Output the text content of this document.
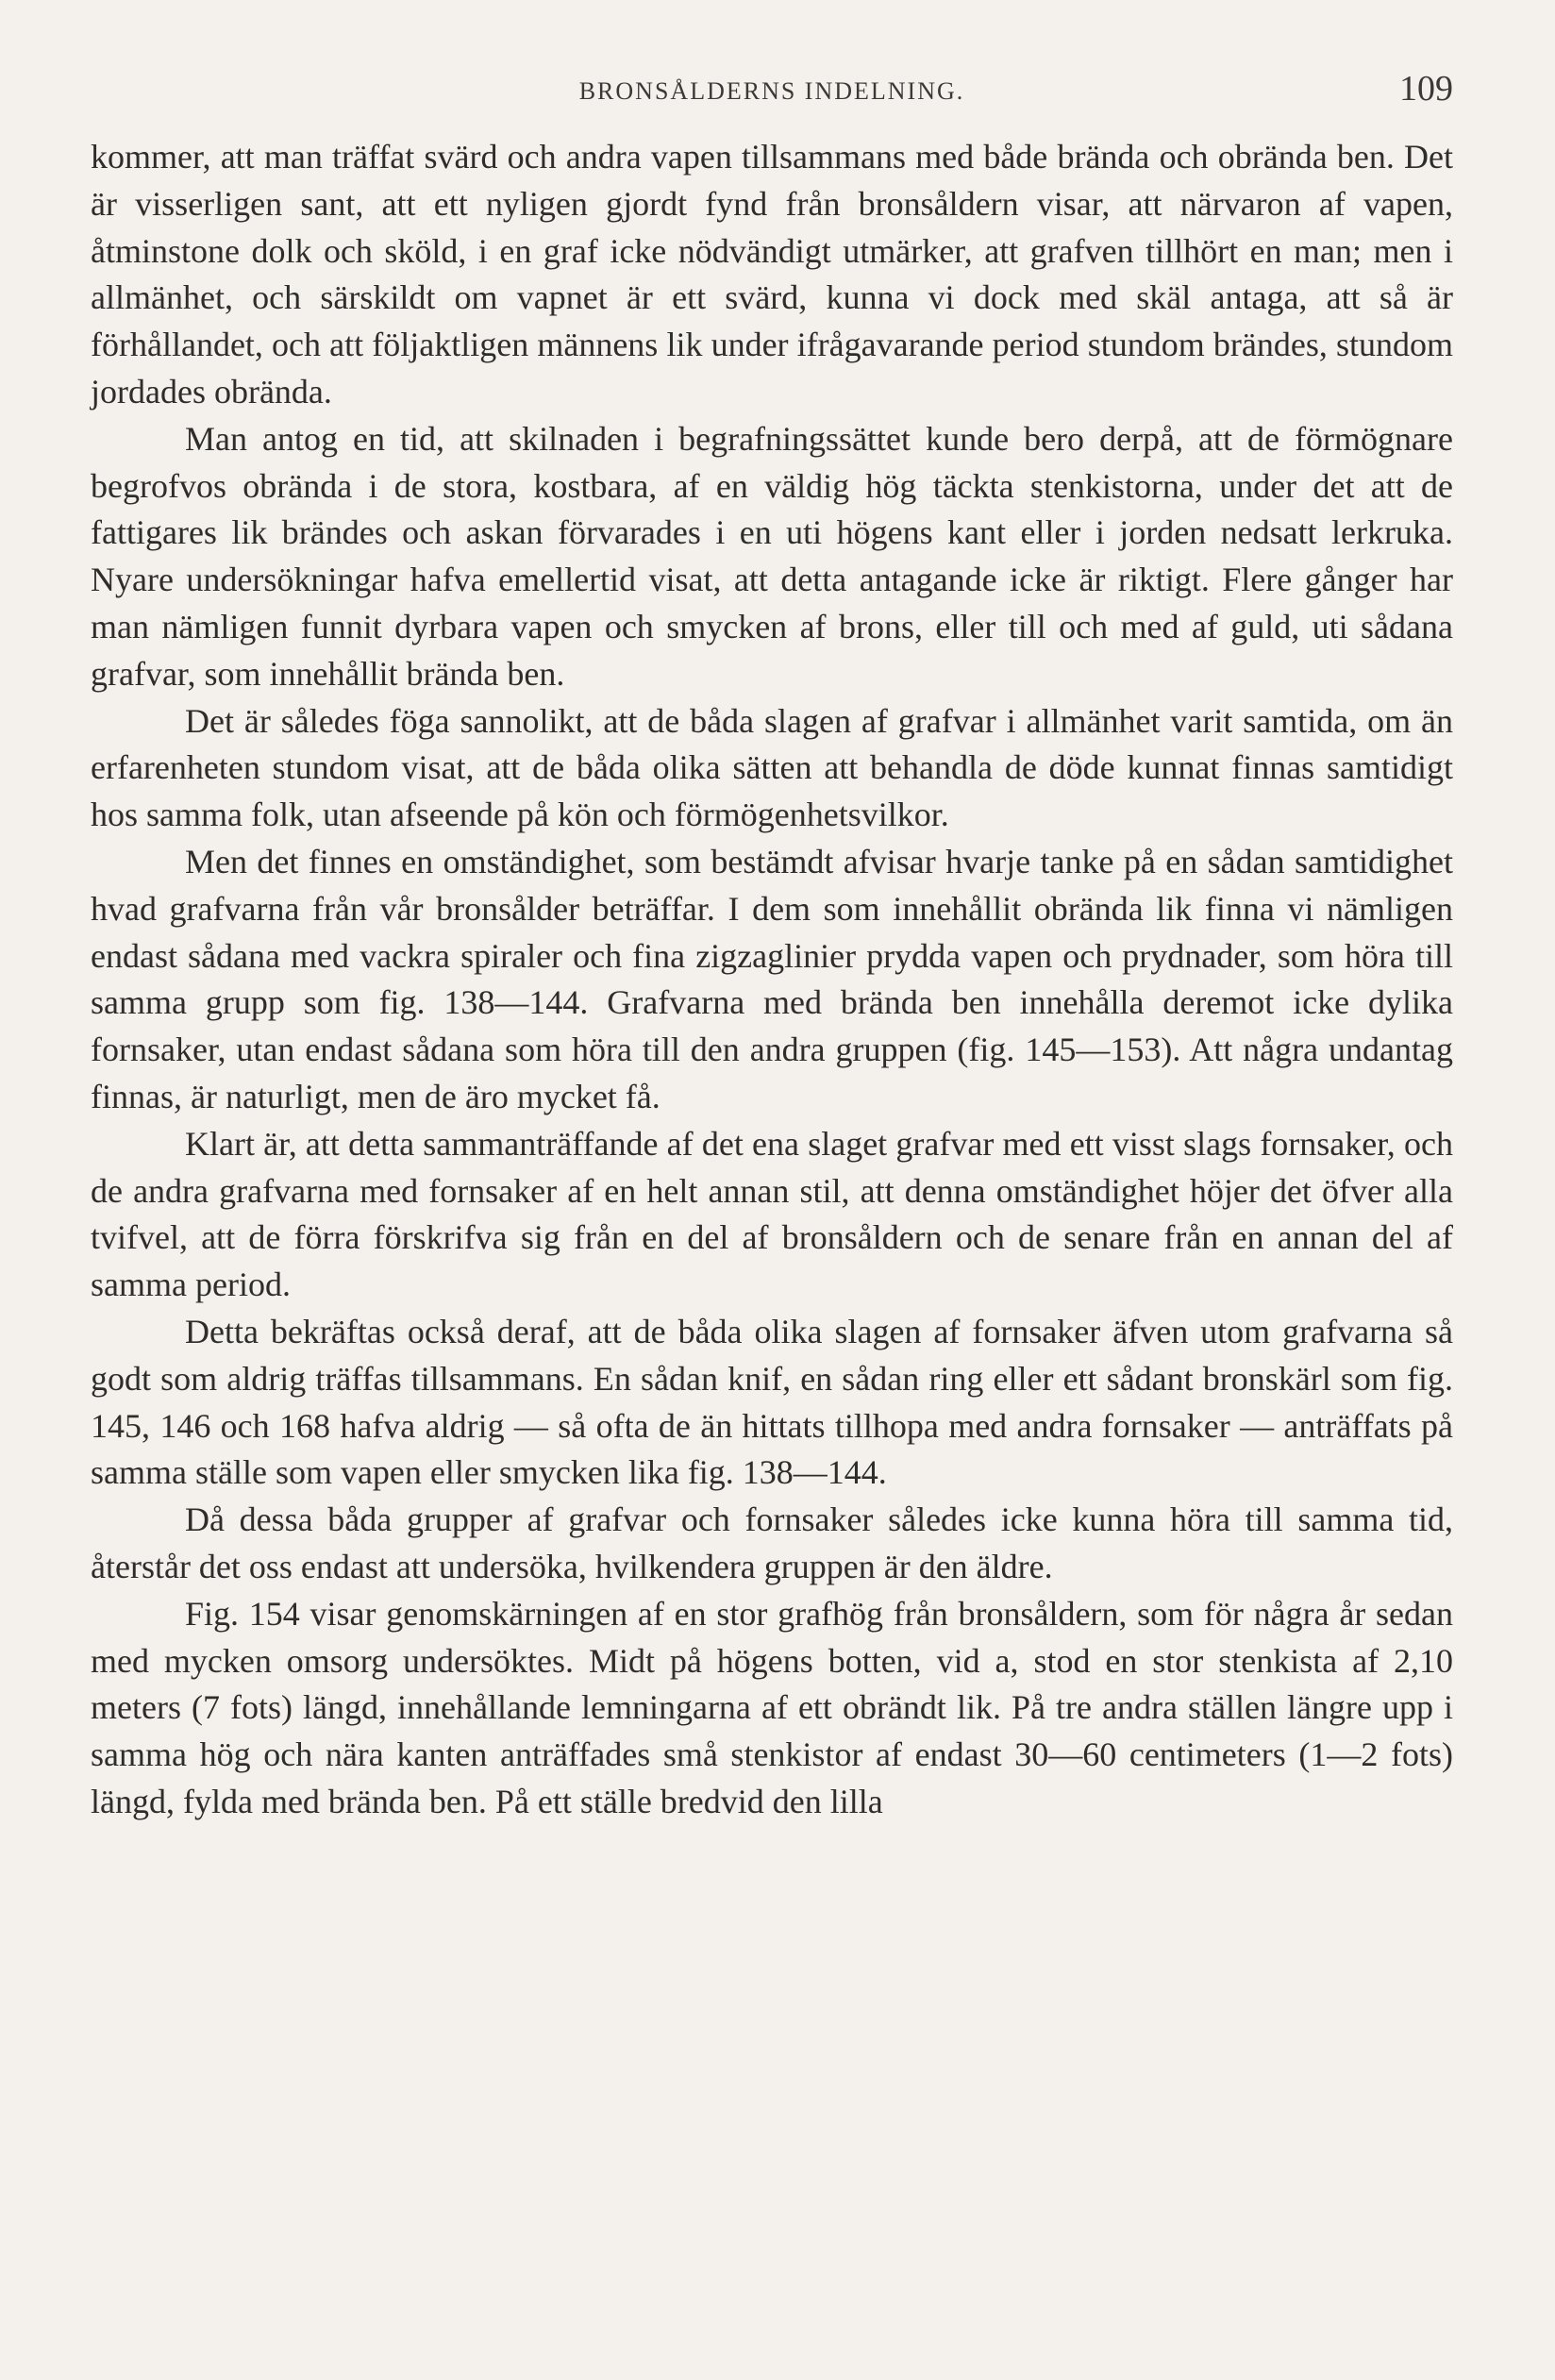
BRONSÅLDERNS INDELNING.	109

kommer, att man träffat svärd och andra vapen tillsammans med både brända och obrända ben. Det är visserligen sant, att ett nyligen gjordt fynd från bronsåldern visar, att närvaron af vapen, åtminstone dolk och sköld, i en graf icke nödvändigt utmärker, att grafven tillhört en man; men i allmänhet, och särskildt om vapnet är ett svärd, kunna vi dock med skäl antaga, att så är förhållandet, och att följaktligen männens lik under ifrågavarande period stundom brändes, stundom jordades obrända.

Man antog en tid, att skilnaden i begrafningssättet kunde bero derpå, att de förmögnare begrofvos obrända i de stora, kostbara, af en väldig hög täckta stenkistorna, under det att de fattigares lik brändes och askan förvarades i en uti högens kant eller i jorden nedsatt lerkruka. Nyare undersökningar hafva emellertid visat, att detta antagande icke är riktigt. Flere gånger har man nämligen funnit dyrbara vapen och smycken af brons, eller till och med af guld, uti sådana grafvar, som innehållit brända ben.

Det är således föga sannolikt, att de båda slagen af grafvar i allmänhet varit samtida, om än erfarenheten stundom visat, att de båda olika sätten att behandla de döde kunnat finnas samtidigt hos samma folk, utan afseende på kön och förmögenhetsvilkor.

Men det finnes en omständighet, som bestämdt afvisar hvarje tanke på en sådan samtidighet hvad grafvarna från vår bronsålder beträffar. I dem som innehållit obrända lik finna vi nämligen endast sådana med vackra spiraler och fina zigzaglinier prydda vapen och prydnader, som höra till samma grupp som fig. 138—144. Grafvarna med brända ben innehålla deremot icke dylika fornsaker, utan endast sådana som höra till den andra gruppen (fig. 145—153). Att några undantag finnas, är naturligt, men de äro mycket få.

Klart är, att detta sammanträffande af det ena slaget grafvar med ett visst slags fornsaker, och de andra grafvarna med fornsaker af en helt annan stil, att denna omständighet höjer det öfver alla tvifvel, att de förra förskrifva sig från en del af bronsåldern och de senare från en annan del af samma period.

Detta bekräftas också deraf, att de båda olika slagen af fornsaker äfven utom grafvarna så godt som aldrig träffas tillsammans. En sådan knif, en sådan ring eller ett sådant bronskärl som fig. 145, 146 och 168 hafva aldrig — så ofta de än hittats tillhopa med andra fornsaker — anträffats på samma ställe som vapen eller smycken lika fig. 138—144.

Då dessa båda grupper af grafvar och fornsaker således icke kunna höra till samma tid, återstår det oss endast att undersöka, hvilkendera gruppen är den äldre.

Fig. 154 visar genomskärningen af en stor grafhög från bronsåldern, som för några år sedan med mycken omsorg undersöktes. Midt på högens botten, vid a, stod en stor stenkista af 2,10 meters (7 fots) längd, innehållande lemningarna af ett obrändt lik. På tre andra ställen längre upp i samma hög och nära kanten anträffades små stenkistor af endast 30—60 centimeters (1—2 fots) längd, fylda med brända ben. På ett ställe bredvid den lilla
